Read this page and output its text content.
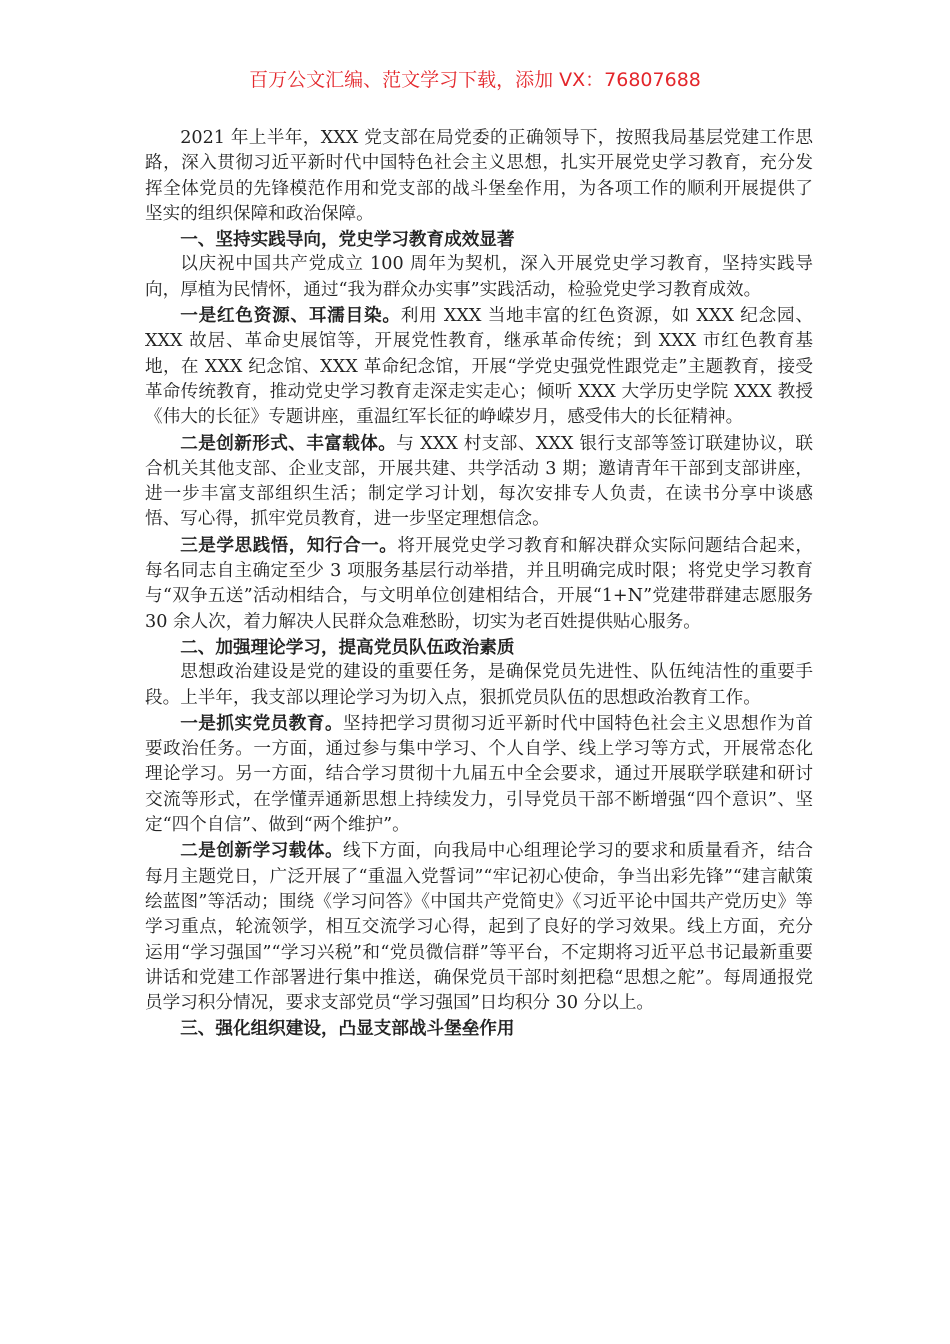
百万公文汇编、范文学习下载，添加 VX：76807688

2021 年上半年，XXX 党支部在局党委的正确领导下，按照我局基层党建工作思路，深入贯彻习近平新时代中国特色社会主义思想，扎实开展党史学习教育，充分发挥全体党员的先锋模范作用和党支部的战斗堡垒作用，为各项工作的顺利开展提供了坚实的组织保障和政治保障。

一、坚持实践导向，党史学习教育成效显著

以庆祝中国共产党成立 100 周年为契机，深入开展党史学习教育，坚持实践导向，厚植为民情怀，通过“我为群众办实事”实践活动，检验党史学习教育成效。

一是红色资源、耳濡目染。利用 XXX 当地丰富的红色资源，如 XXX 纪念园、XXX 故居、革命史展馆等，开展党性教育，继承革命传统；到 XXX 市红色教育基地，在 XXX 纪念馆、XXX 革命纪念馆，开展“学党史强党性跟党走”主题教育，接受革命传统教育，推动党史学习教育走深走实走心；倾听 XXX 大学历史学院 XXX 教授《伟大的长征》专题讲座，重温红军长征的峥嵘岁月，感受伟大的长征精神。

二是创新形式、丰富载体。与 XXX 村支部、XXX 银行支部等签订联建协议，联合机关其他支部、企业支部，开展共建、共学活动 3 期；邀请青年干部到支部讲座，进一步丰富支部组织生活；制定学习计划，每次安排专人负责，在读书分享中谈感悟、写心得，抓牢党员教育，进一步坚定理想信念。

三是学思践悟，知行合一。将开展党史学习教育和解决群众实际问题结合起来，每名同志自主确定至少 3 项服务基层行动举措，并且明确完成时限；将党史学习教育与“双争五送”活动相结合，与文明单位创建相结合，开展“1+N”党建带群建志愿服务 30 余人次，着力解决人民群众急难愁盼，切实为老百姓提供贴心服务。

二、加强理论学习，提高党员队伍政治素质

思想政治建设是党的建设的重要任务，是确保党员先进性、队伍纯洁性的重要手段。上半年，我支部以理论学习为切入点，狠抓党员队伍的思想政治教育工作。

一是抓实党员教育。坚持把学习贯彻习近平新时代中国特色社会主义思想作为首要政治任务。一方面，通过参与集中学习、个人自学、线上学习等方式，开展常态化理论学习。另一方面，结合学习贯彻十九届五中全会要求，通过开展联学联建和研讨交流等形式，在学懂弄通新思想上持续发力，引导党员干部不断增强“四个意识”、坚定“四个自信”、做到“两个维护”。

二是创新学习载体。线下方面，向我局中心组理论学习的要求和质量看齐，结合每月主题党日，广泛开展了“重温入党誓词”“牢记初心使命，争当出彩先锋”“建言献策绘蓝图”等活动；围绕《学习问答》《中国共产党简史》《习近平论中国共产党历史》等学习重点，轮流领学，相互交流学习心得，起到了良好的学习效果。线上方面，充分运用“学习强国”“学习兴税”和“党员微信群”等平台，不定期将习近平总书记最新重要讲话和党建工作部署进行集中推送，确保党员干部时刻把稳“思想之舵”。每周通报党员学习积分情况，要求支部党员“学习强国”日均积分 30 分以上。

三、强化组织建设，凸显支部战斗堡垒作用
